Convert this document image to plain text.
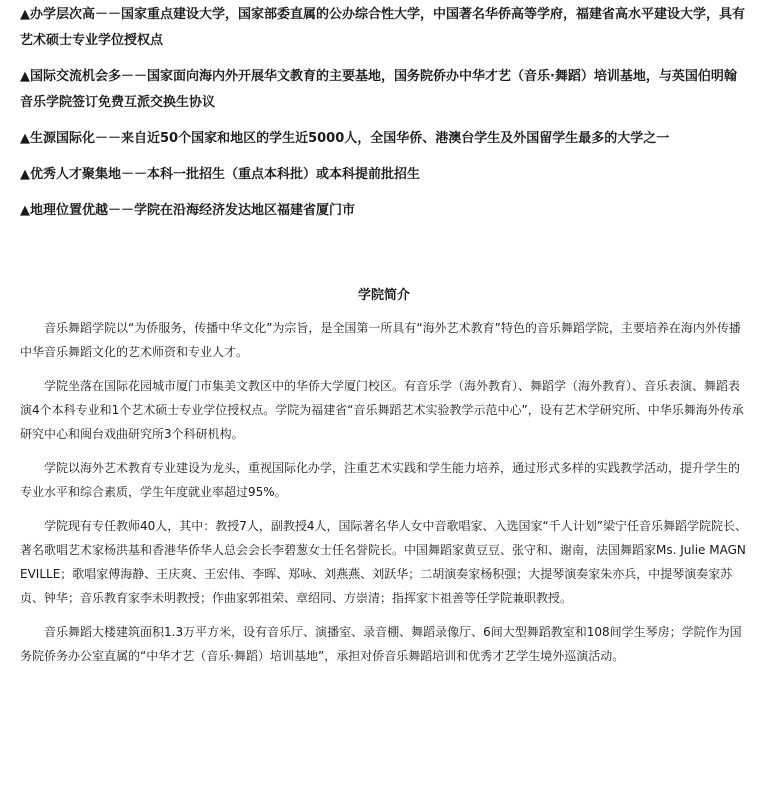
▲办学层次高－－国家重点建设大学，国家部委直属的公办综合性大学，中国著名华侨高等学府，福建省高水平建设大学，具有艺术硕士专业学位授权点

▲国际交流机会多－－国家面向海内外开展华文教育的主要基地，国务院侨办中华才艺（音乐·舞蹈）培训基地，与英国伯明翰音乐学院签订免费互派交换生协议

▲生源国际化－－来自近50个国家和地区的学生近5000人，全国华侨、港澳台学生及外国留学生最多的大学之一

▲优秀人才聚集地－－本科一批招生（重点本科批）或本科提前批招生

▲地理位置优越－－学院在沿海经济发达地区福建省厦门市

学院简介

音乐舞蹈学院以“为侨服务，传播中华文化”为宗旨，是全国第一所具有“海外艺术教育”特色的音乐舞蹈学院，主要培养在海内外传播中华音乐舞蹈文化的艺术师资和专业人才。

学院坐落在国际花园城市厦门市集美文教区中的华侨大学厦门校区。有音乐学（海外教育）、舞蹈学（海外教育）、音乐表演、舞蹈表演4个本科专业和1个艺术硕士专业学位授权点。学院为福建省“音乐舞蹈艺术实验教学示范中心”，设有艺术学研究所、中华乐舞海外传承研究中心和闽台戏曲研究所3个科研机构。

学院以海外艺术教育专业建设为龙头，重视国际化办学，注重艺术实践和学生能力培养，通过形式多样的实践教学活动，提升学生的专业水平和综合素质，学生年度就业率超过95%。

学院现有专任教师40人，其中：教授7人，副教授4人，国际著名华人女中音歌唱家、入选国家“千人计划”梁宁任音乐舞蹈学院院长、著名歌唱艺术家杨洪基和香港华侨华人总会会长李碧葱女士任名誉院长。中国舞蹈家黄豆豆、张守和、谢南，法国舞蹈家Ms. Julie MAGNEVILLE；歌唱家傅海静、王庆爽、王宏伟、李晖、郑咏、刘燕燕、刘跃华；二胡演奏家杨积强；大提琴演奏家朱亦兵，中提琴演奏家苏贞、钟华；音乐教育家李未明教授；作曲家郭祖荣、章绍同、方崇清；指挥家卞祖善等任学院兼职教授。

音乐舞蹈大楼建筑面积1.3万平方米，设有音乐厅、演播室、录音棚、舞蹈录像厅、6间大型舞蹈教室和108间学生琴房；学院作为国务院侨务办公室直属的“中华才艺（音乐·舞蹈）培训基地”，承担对侨音乐舞蹈培训和优秀才艺学生境外巡演活动。
